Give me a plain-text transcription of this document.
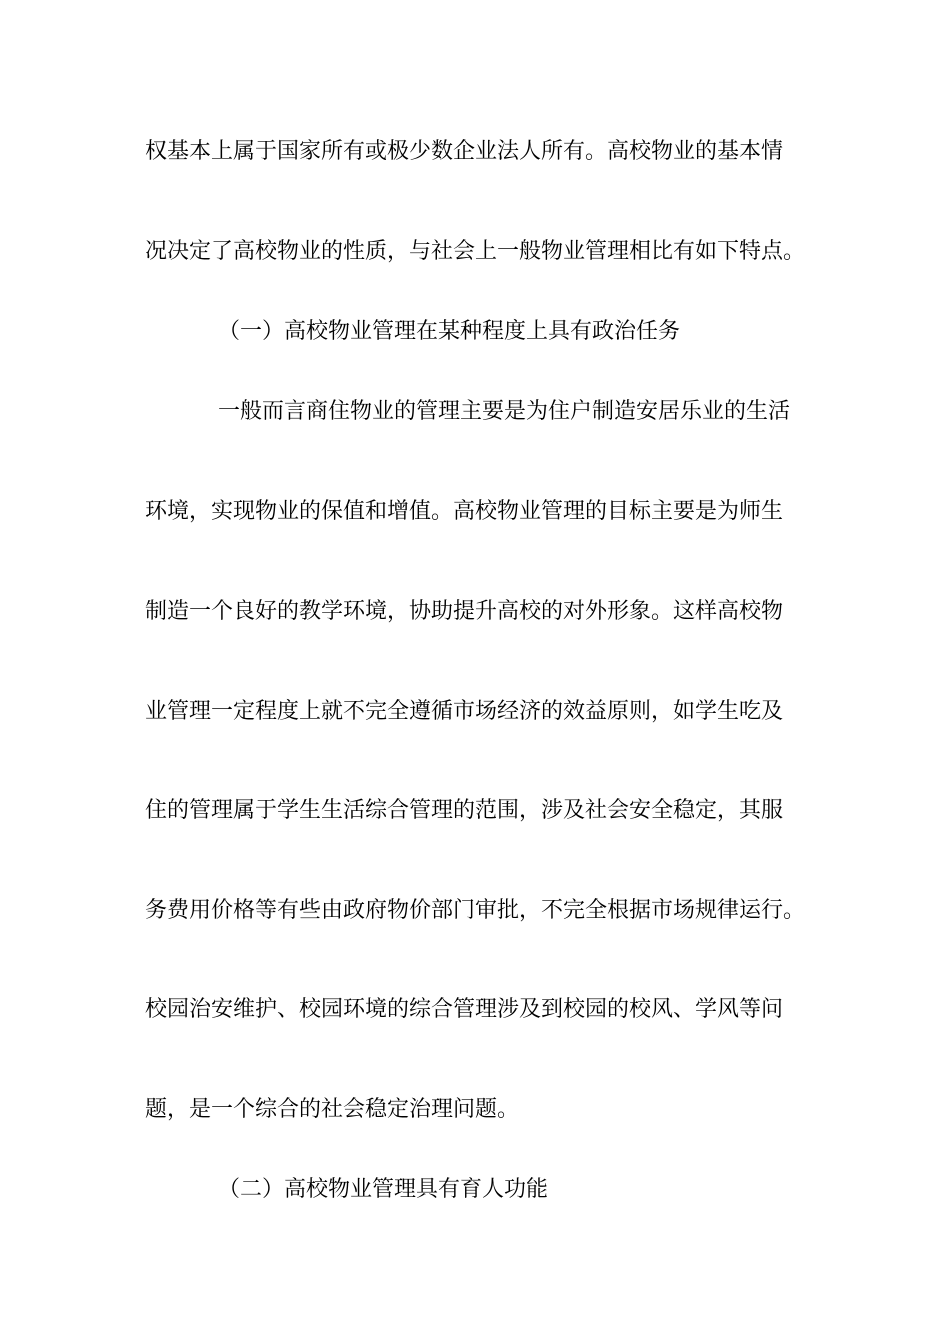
权基本上属于国家所有或极少数企业法人所有。高校物业的基本情
况决定了高校物业的性质，与社会上一般物业管理相比有如下特点。
（一）高校物业管理在某种程度上具有政治任务
一般而言商住物业的管理主要是为住户制造安居乐业的生活
环境，实现物业的保值和增值。高校物业管理的目标主要是为师生
制造一个良好的教学环境，协助提升高校的对外形象。这样高校物
业管理一定程度上就不完全遵循市场经济的效益原则，如学生吃及
住的管理属于学生生活综合管理的范围，涉及社会安全稳定，其服
务费用价格等有些由政府物价部门审批，不完全根据市场规律运行。
校园治安维护、校园环境的综合管理涉及到校园的校风、学风等问
题，是一个综合的社会稳定治理问题。
（二）高校物业管理具有育人功能
